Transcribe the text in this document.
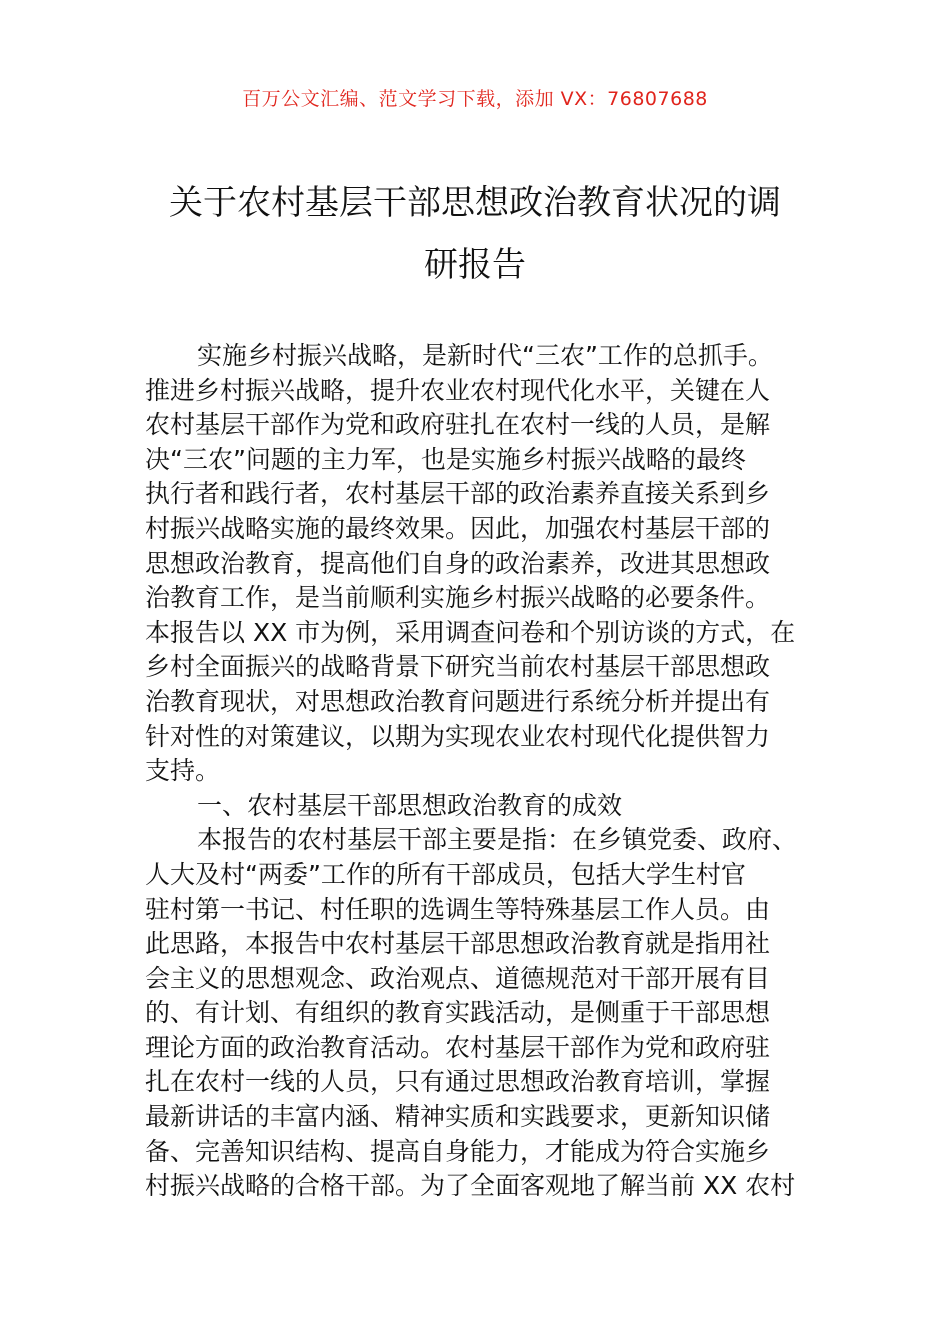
百万公文汇编、范文学习下载，添加 VX：76807688
关于农村基层干部思想政治教育状况的调
研报告
实施乡村振兴战略，是新时代“三农”工作的总抓手。
推进乡村振兴战略，提升农业农村现代化水平，关键在人
农村基层干部作为党和政府驻扎在农村一线的人员，是解
决“三农”问题的主力军，也是实施乡村振兴战略的最终
执行者和践行者，农村基层干部的政治素养直接关系到乡
村振兴战略实施的最终效果。因此，加强农村基层干部的
思想政治教育，提高他们自身的政治素养，改进其思想政
治教育工作，是当前顺利实施乡村振兴战略的必要条件。
本报告以 XX 市为例，采用调查问卷和个别访谈的方式，在
乡村全面振兴的战略背景下研究当前农村基层干部思想政
治教育现状，对思想政治教育问题进行系统分析并提出有
针对性的对策建议，以期为实现农业农村现代化提供智力
支持。
一、农村基层干部思想政治教育的成效
本报告的农村基层干部主要是指：在乡镇党委、政府、
人大及村“两委”工作的所有干部成员，包括大学生村官
驻村第一书记、村任职的选调生等特殊基层工作人员。由
此思路，本报告中农村基层干部思想政治教育就是指用社
会主义的思想观念、政治观点、道德规范对干部开展有目
的、有计划、有组织的教育实践活动，是侧重于干部思想
理论方面的政治教育活动。农村基层干部作为党和政府驻
扎在农村一线的人员，只有通过思想政治教育培训，掌握
最新讲话的丰富内涵、精神实质和实践要求，更新知识储
备、完善知识结构、提高自身能力，才能成为符合实施乡
村振兴战略的合格干部。为了全面客观地了解当前 XX 农村
